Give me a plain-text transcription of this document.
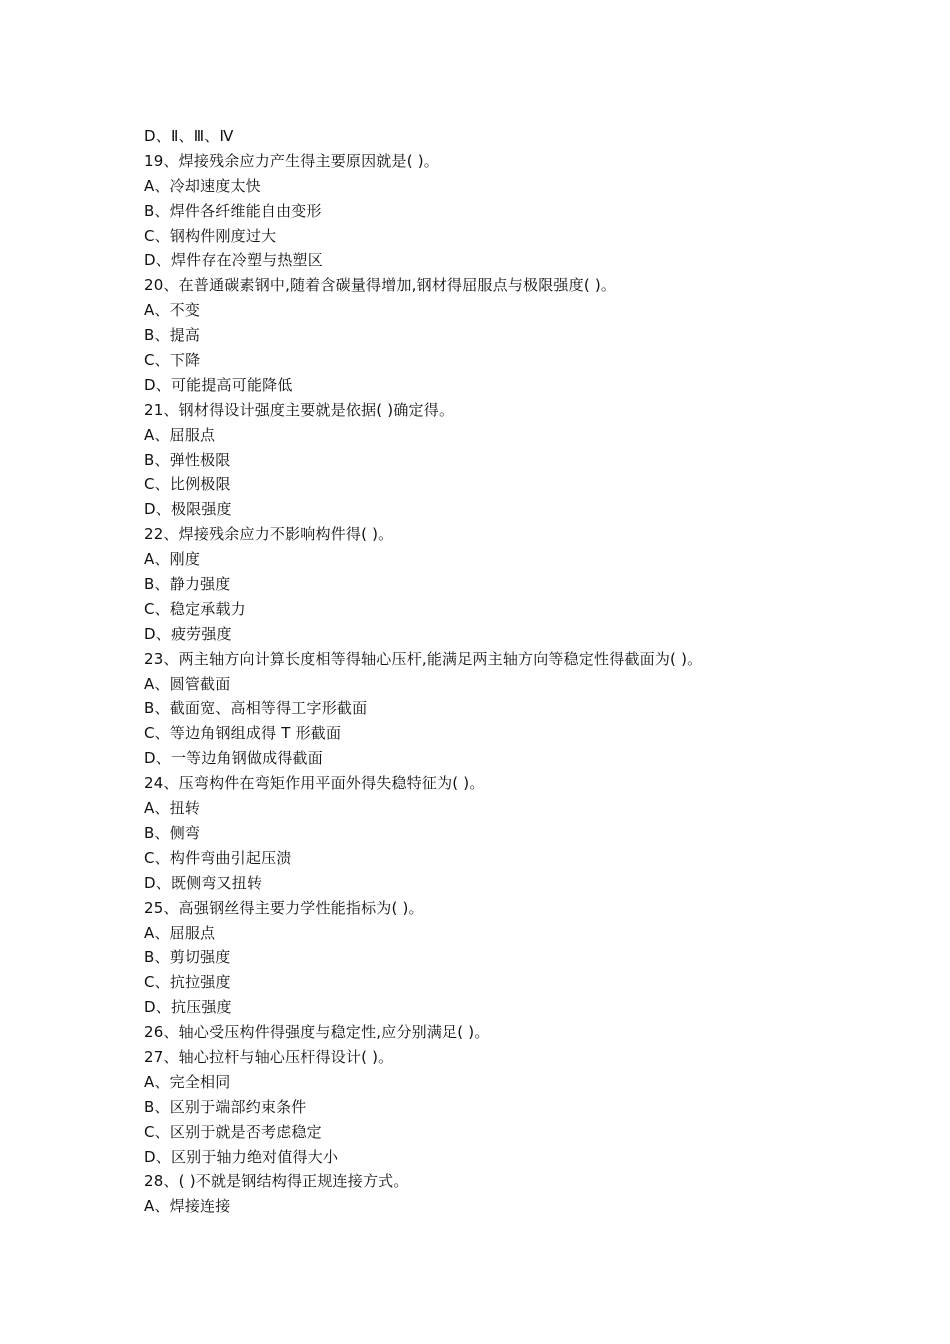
D、Ⅱ、Ⅲ、Ⅳ
19、焊接残余应力产生得主要原因就是( )。
A、冷却速度太快
B、焊件各纤维能自由变形
C、钢构件刚度过大
D、焊件存在冷塑与热塑区
20、在普通碳素钢中,随着含碳量得增加,钢材得屈服点与极限强度( )。
A、不变
B、提高
C、下降
D、可能提高可能降低
21、钢材得设计强度主要就是依据( )确定得。
A、屈服点
B、弹性极限
C、比例极限
D、极限强度
22、焊接残余应力不影响构件得( )。
A、刚度
B、静力强度
C、稳定承载力
D、疲劳强度
23、两主轴方向计算长度相等得轴心压杆,能满足两主轴方向等稳定性得截面为( )。
A、圆管截面
B、截面宽、高相等得工字形截面
C、等边角钢组成得 T 形截面
D、一等边角钢做成得截面
24、压弯构件在弯矩作用平面外得失稳特征为( )。
A、扭转
B、侧弯
C、构件弯曲引起压溃
D、既侧弯又扭转
25、高强钢丝得主要力学性能指标为( )。
A、屈服点
B、剪切强度
C、抗拉强度
D、抗压强度
26、轴心受压构件得强度与稳定性,应分别满足( )。
27、轴心拉杆与轴心压杆得设计( )。
A、完全相同
B、区别于端部约束条件
C、区别于就是否考虑稳定
D、区别于轴力绝对值得大小
28、( )不就是钢结构得正规连接方式。
A、焊接连接
